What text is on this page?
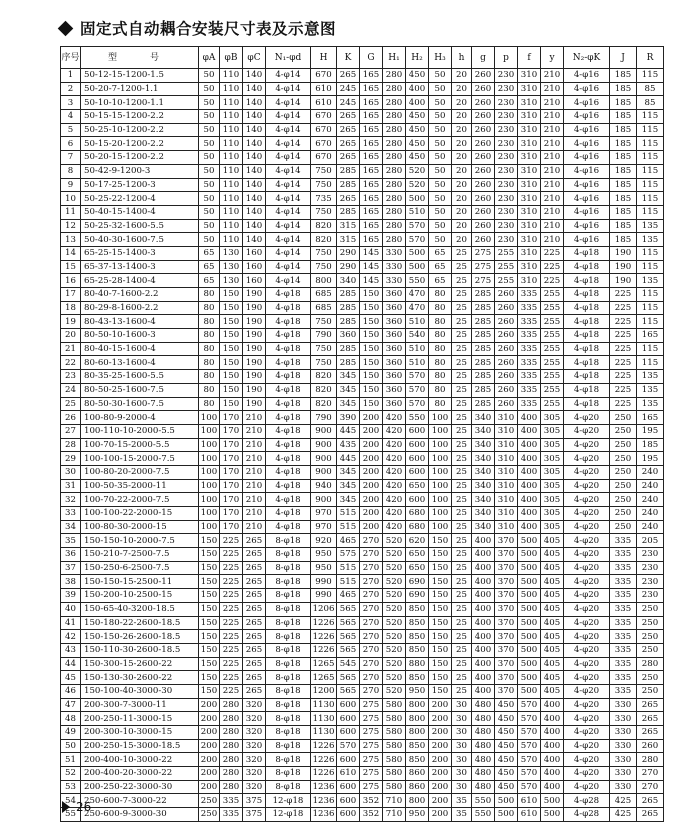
固定式自动耦合安装尺寸表及示意图
序号	型　号	φA	φB	φC	N₁-φd	H	K	G	H₁	H₂	H₃	h	g	p	f	y	N₂-φK	J	R
1	50-12-15-1200-1.5	50	110	140	4-φ14	670	265	165	280	450	50	20	260	230	310	210	4-φ16	185	115
2	50-20-7-1200-1.1	50	110	140	4-φ14	610	245	165	280	400	50	20	260	230	310	210	4-φ16	185	85
3	50-10-10-1200-1.1	50	110	140	4-φ14	610	245	165	280	400	50	20	260	230	310	210	4-φ16	185	85
4	50-15-15-1200-2.2	50	110	140	4-φ14	670	265	165	280	450	50	20	260	230	310	210	4-φ16	185	115
5	50-25-10-1200-2.2	50	110	140	4-φ14	670	265	165	280	450	50	20	260	230	310	210	4-φ16	185	115
6	50-15-20-1200-2.2	50	110	140	4-φ14	670	265	165	280	450	50	20	260	230	310	210	4-φ16	185	115
7	50-20-15-1200-2.2	50	110	140	4-φ14	670	265	165	280	450	50	20	260	230	310	210	4-φ16	185	115
8	50-42-9-1200-3	50	110	140	4-φ14	750	285	165	280	520	50	20	260	230	310	210	4-φ16	185	115
9	50-17-25-1200-3	50	110	140	4-φ14	750	285	165	280	520	50	20	260	230	310	210	4-φ16	185	115
10	50-25-22-1200-4	50	110	140	4-φ14	735	265	165	280	500	50	20	260	230	310	210	4-φ16	185	115
11	50-40-15-1400-4	50	110	140	4-φ14	750	285	165	280	510	50	20	260	230	310	210	4-φ16	185	115
12	50-25-32-1600-5.5	50	110	140	4-φ14	820	315	165	280	570	50	20	260	230	310	210	4-φ16	185	135
13	50-40-30-1600-7.5	50	110	140	4-φ14	820	315	165	280	570	50	20	260	230	310	210	4-φ16	185	135
14	65-25-15-1400-3	65	130	160	4-φ14	750	290	145	330	500	65	25	275	255	310	225	4-φ18	190	115
15	65-37-13-1400-3	65	130	160	4-φ14	750	290	145	330	500	65	25	275	255	310	225	4-φ18	190	115
16	65-25-28-1400-4	65	130	160	4-φ14	800	340	145	330	550	65	25	275	255	310	225	4-φ18	190	135
17	80-40-7-1600-2.2	80	150	190	4-φ18	685	285	150	360	470	80	25	285	260	335	255	4-φ18	225	115
18	80-29-8-1600-2.2	80	150	190	4-φ18	685	285	150	360	470	80	25	285	260	335	255	4-φ18	225	115
19	80-43-13-1600-4	80	150	190	4-φ18	750	285	150	360	510	80	25	285	260	335	255	4-φ18	225	115
20	80-50-10-1600-3	80	150	190	4-φ18	790	360	150	360	540	80	25	285	260	335	255	4-φ18	225	165
21	80-40-15-1600-4	80	150	190	4-φ18	750	285	150	360	510	80	25	285	260	335	255	4-φ18	225	115
22	80-60-13-1600-4	80	150	190	4-φ18	750	285	150	360	510	80	25	285	260	335	255	4-φ18	225	115
23	80-35-25-1600-5.5	80	150	190	4-φ18	820	345	150	360	570	80	25	285	260	335	255	4-φ18	225	135
24	80-50-25-1600-7.5	80	150	190	4-φ18	820	345	150	360	570	80	25	285	260	335	255	4-φ18	225	135
25	80-50-30-1600-7.5	80	150	190	4-φ18	820	345	150	360	570	80	25	285	260	335	255	4-φ18	225	135
26	100-80-9-2000-4	100	170	210	4-φ18	790	390	200	420	550	100	25	340	310	400	305	4-φ20	250	165
27	100-110-10-2000-5.5	100	170	210	4-φ18	900	445	200	420	600	100	25	340	310	400	305	4-φ20	250	195
28	100-70-15-2000-5.5	100	170	210	4-φ18	900	435	200	420	600	100	25	340	310	400	305	4-φ20	250	185
29	100-100-15-2000-7.5	100	170	210	4-φ18	900	445	200	420	600	100	25	340	310	400	305	4-φ20	250	195
30	100-80-20-2000-7.5	100	170	210	4-φ18	900	345	200	420	600	100	25	340	310	400	305	4-φ20	250	240
31	100-50-35-2000-11	100	170	210	4-φ18	940	345	200	420	650	100	25	340	310	400	305	4-φ20	250	240
32	100-70-22-2000-7.5	100	170	210	4-φ18	900	345	200	420	600	100	25	340	310	400	305	4-φ20	250	240
33	100-100-22-2000-15	100	170	210	4-φ18	970	515	200	420	680	100	25	340	310	400	305	4-φ20	250	240
34	100-80-30-2000-15	100	170	210	4-φ18	970	515	200	420	680	100	25	340	310	400	305	4-φ20	250	240
35	150-150-10-2000-7.5	150	225	265	8-φ18	920	465	270	520	620	150	25	400	370	500	405	4-φ20	335	205
36	150-210-7-2500-7.5	150	225	265	8-φ18	950	575	270	520	650	150	25	400	370	500	405	4-φ20	335	230
37	150-250-6-2500-7.5	150	225	265	8-φ18	950	515	270	520	650	150	25	400	370	500	405	4-φ20	335	230
38	150-150-15-2500-11	150	225	265	8-φ18	990	515	270	520	690	150	25	400	370	500	405	4-φ20	335	230
39	150-200-10-2500-15	150	225	265	8-φ18	990	465	270	520	690	150	25	400	370	500	405	4-φ20	335	230
40	150-65-40-3200-18.5	150	225	265	8-φ18	1206	565	270	520	850	150	25	400	370	500	405	4-φ20	335	250
41	150-180-22-2600-18.5	150	225	265	8-φ18	1226	565	270	520	850	150	25	400	370	500	405	4-φ20	335	250
42	150-150-26-2600-18.5	150	225	265	8-φ18	1226	565	270	520	850	150	25	400	370	500	405	4-φ20	335	250
43	150-110-30-2600-18.5	150	225	265	8-φ18	1226	565	270	520	850	150	25	400	370	500	405	4-φ20	335	250
44	150-300-15-2600-22	150	225	265	8-φ18	1265	545	270	520	880	150	25	400	370	500	405	4-φ20	335	280
45	150-130-30-2600-22	150	225	265	8-φ18	1265	565	270	520	850	150	25	400	370	500	405	4-φ20	335	250
46	150-100-40-3000-30	150	225	265	8-φ18	1200	565	270	520	950	150	25	400	370	500	405	4-φ20	335	250
47	200-300-7-3000-11	200	280	320	8-φ18	1130	600	275	580	800	200	30	480	450	570	400	4-φ20	330	265
48	200-250-11-3000-15	200	280	320	8-φ18	1130	600	275	580	800	200	30	480	450	570	400	4-φ20	330	265
49	200-300-10-3000-15	200	280	320	8-φ18	1130	600	275	580	800	200	30	480	450	570	400	4-φ20	330	265
50	200-250-15-3000-18.5	200	280	320	8-φ18	1226	570	275	580	850	200	30	480	450	570	400	4-φ20	330	260
51	200-400-10-3000-22	200	280	320	8-φ18	1226	600	275	580	850	200	30	480	450	570	400	4-φ20	330	280
52	200-400-20-3000-22	200	280	320	8-φ18	1226	610	275	580	860	200	30	480	450	570	400	4-φ20	330	270
53	200-250-22-3000-30	200	280	320	8-φ18	1236	600	275	580	860	200	30	480	450	570	400	4-φ20	330	270
54	250-600-7-3000-22	250	335	375	12-φ18	1236	600	352	710	800	200	35	550	500	610	500	4-φ28	425	265
55	250-600-9-3000-30	250	335	375	12-φ18	1236	600	352	710	950	200	35	550	500	610	500	4-φ28	425	265
26
